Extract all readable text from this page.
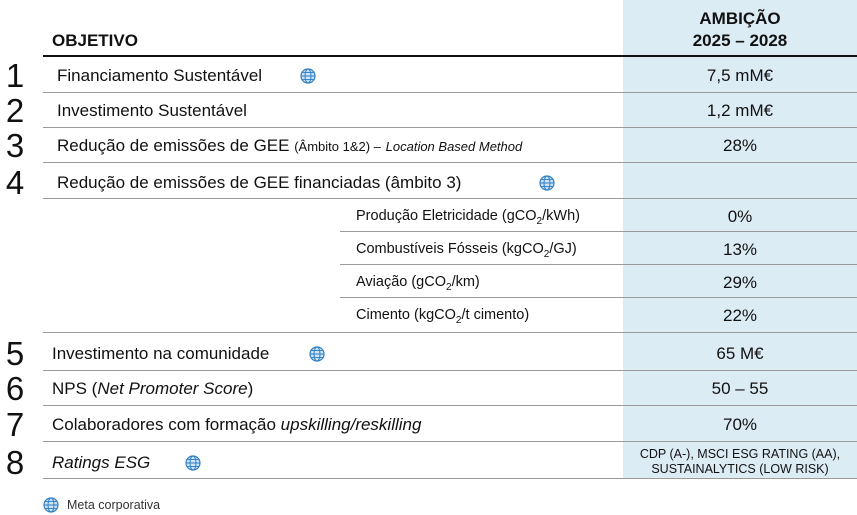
OBJETIVO
AMBIÇÃO
2025 – 2028
1	Financiamento Sustentável	7,5 mM€
2	Investimento Sustentável	1,2 mM€
3	Redução de emissões de GEE (Âmbito 1&2) – Location Based Method	28%
4	Redução de emissões de GEE financiadas (âmbito 3)
Produção Eletricidade (gCO$_2$/kWh)	0%
Combustíveis Fósseis (kgCO$_2$/GJ)	13%
Aviação (gCO$_2$/km)	29%
Cimento (kgCO$_2$/t cimento)	22%
5	Investimento na comunidade	65 M€
6	NPS (Net Promoter Score)	50 – 55
7	Colaboradores com formação upskilling/reskilling	70%
8	Ratings ESG	CDP (A-), MSCI ESG RATING (AA),
SUSTAINALYTICS (LOW RISK)
Meta corporativa
